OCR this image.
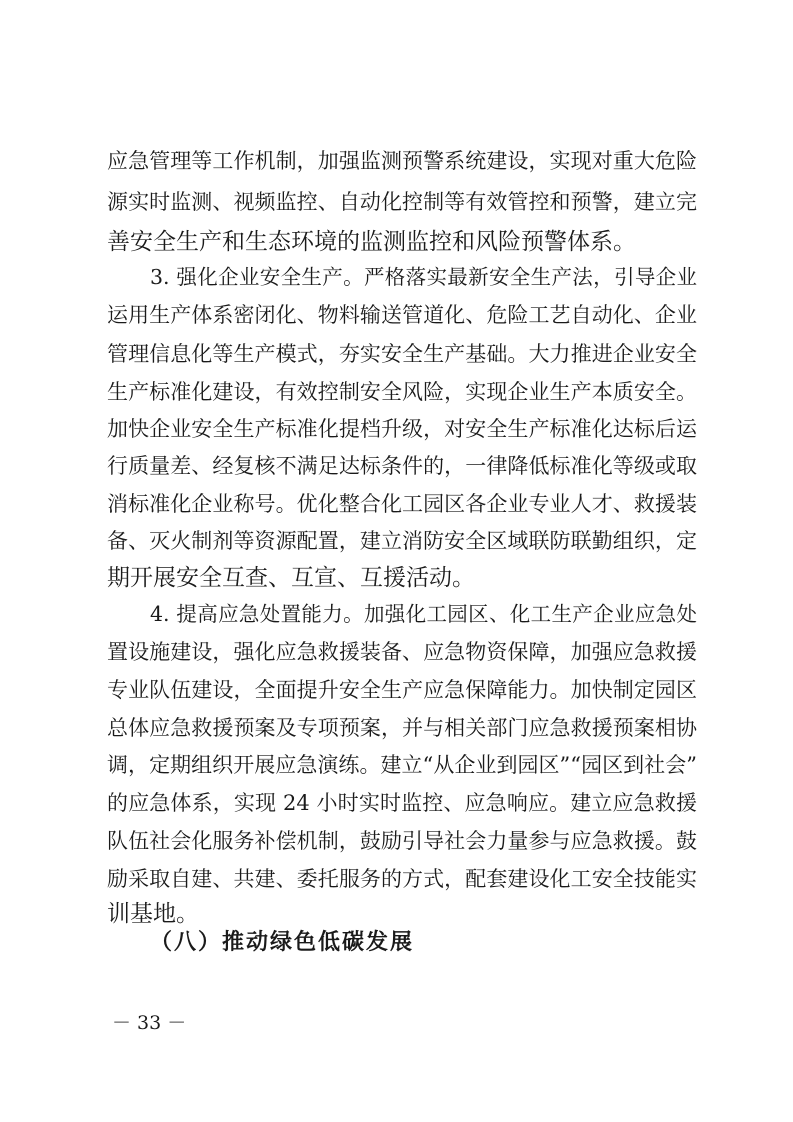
应急管理等工作机制，加强监测预警系统建设，实现对重大危险
源实时监测、视频监控、自动化控制等有效管控和预警，建立完
善安全生产和生态环境的监测监控和风险预警体系。
3. 强化企业安全生产。严格落实最新安全生产法，引导企业
运用生产体系密闭化、物料输送管道化、危险工艺自动化、企业
管理信息化等生产模式，夯实安全生产基础。大力推进企业安全
生产标准化建设，有效控制安全风险，实现企业生产本质安全。
加快企业安全生产标准化提档升级，对安全生产标准化达标后运
行质量差、经复核不满足达标条件的，一律降低标准化等级或取
消标准化企业称号。优化整合化工园区各企业专业人才、救援装
备、灭火制剂等资源配置，建立消防安全区域联防联勤组织，定
期开展安全互查、互宣、互援活动。
4. 提高应急处置能力。加强化工园区、化工生产企业应急处
置设施建设，强化应急救援装备、应急物资保障，加强应急救援
专业队伍建设，全面提升安全生产应急保障能力。加快制定园区
总体应急救援预案及专项预案，并与相关部门应急救援预案相协
调，定期组织开展应急演练。建立“从企业到园区”“园区到社会”
的应急体系，实现 24 小时实时监控、应急响应。建立应急救援
队伍社会化服务补偿机制，鼓励引导社会力量参与应急救援。鼓
励采取自建、共建、委托服务的方式，配套建设化工安全技能实
训基地。
（八）推动绿色低碳发展
－ 33 －
